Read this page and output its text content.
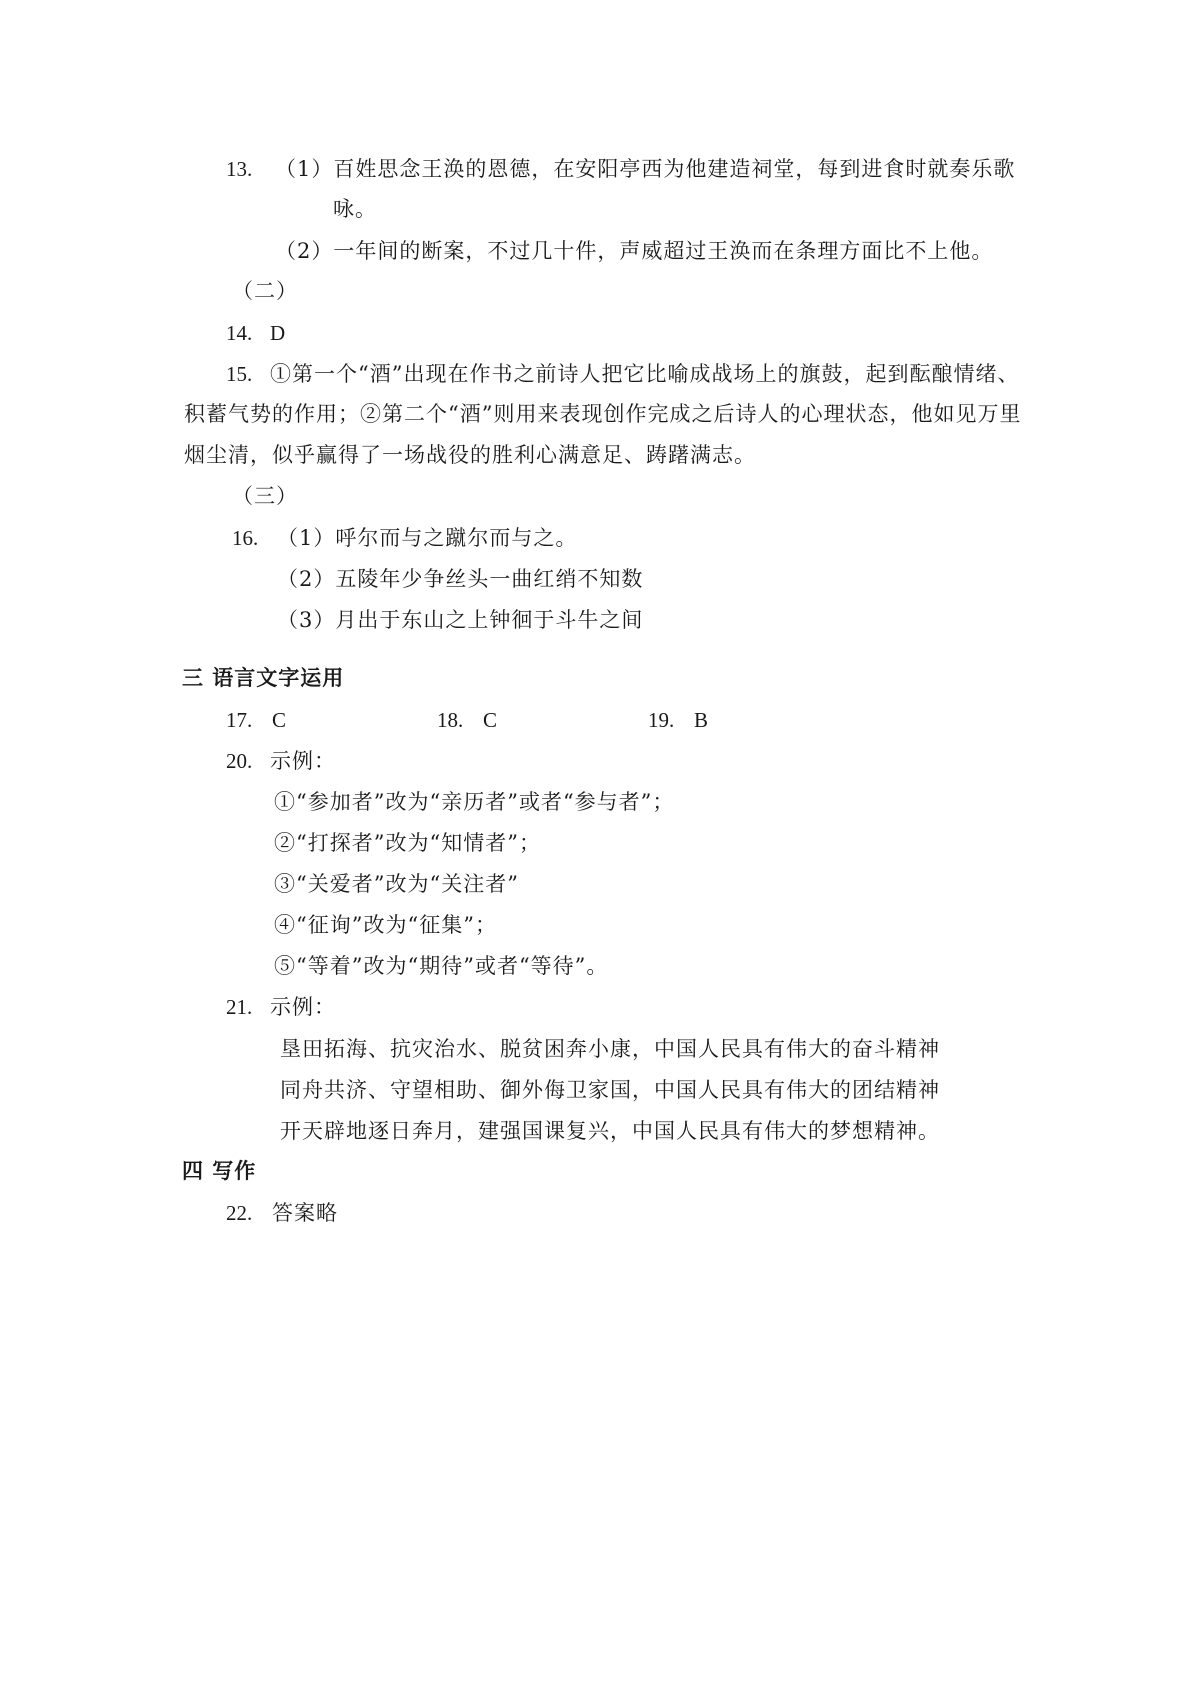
13. （1）百姓思念王涣的恩德，在安阳亭西为他建造祠堂，每到进食时就奏乐歌
咏。
（2）一年间的断案，不过几十件，声威超过王涣而在条理方面比不上他。
（二）
14. D
15. ①第一个“酒”出现在作书之前诗人把它比喻成战场上的旗鼓，起到酝酿情绪、
积蓄气势的作用；②第二个“酒”则用来表现创作完成之后诗人的心理状态，他如见万里
烟尘清，似乎赢得了一场战役的胜利心满意足、踌躇满志。
（三）
16. （1）呼尔而与之蹴尔而与之。
（2）五陵年少争丝头一曲红绡不知数
（3）月出于东山之上钟徊于斗牛之间
三 语言文字运用
17. C	18. C	19. B
20. 示例：
①“参加者”改为“亲历者”或者“参与者”；
②“打探者”改为“知情者”；
③“关爱者”改为“关注者”
④“征询”改为“征集”；
⑤“等着”改为“期待”或者“等待”。
21. 示例：
垦田拓海、抗灾治水、脱贫困奔小康，中国人民具有伟大的奋斗精神
同舟共济、守望相助、御外侮卫家国，中国人民具有伟大的团结精神
开天辟地逐日奔月，建强国课复兴，中国人民具有伟大的梦想精神。
四 写作
22. 答案略
